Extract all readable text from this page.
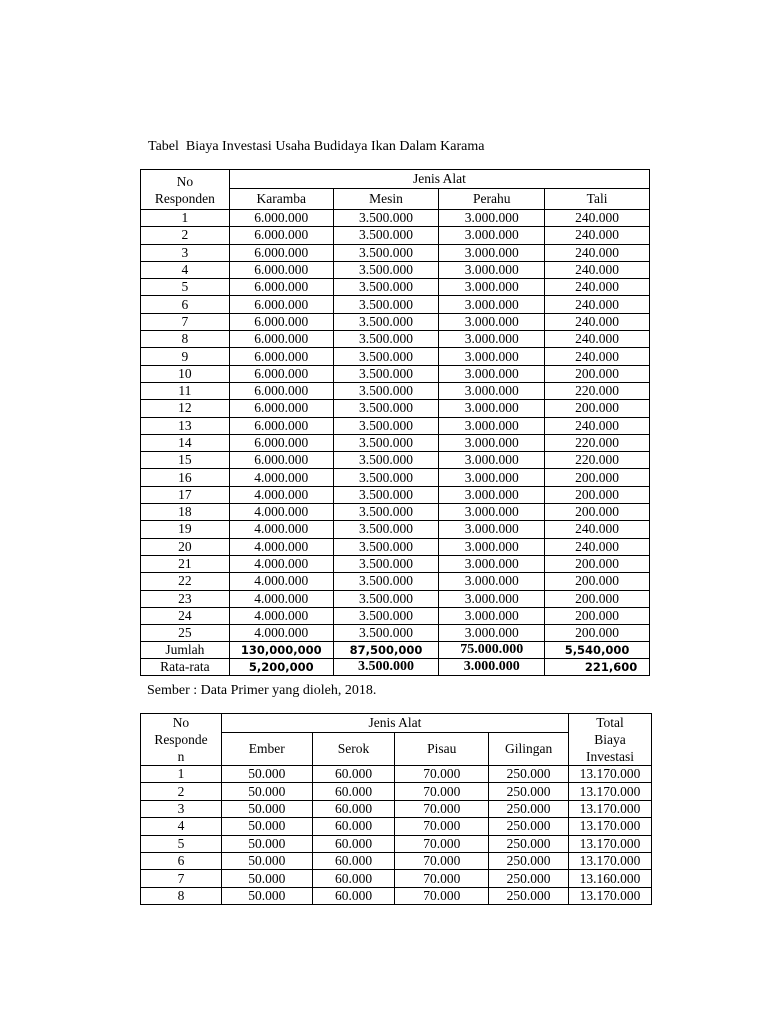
Tabel  Biaya Investasi Usaha Budidaya Ikan Dalam Karama
No
Responden	Jenis Alat			
	Karamba	Mesin	Perahu	Tali
1	6.000.000	3.500.000	3.000.000	240.000
2	6.000.000	3.500.000	3.000.000	240.000
3	6.000.000	3.500.000	3.000.000	240.000
4	6.000.000	3.500.000	3.000.000	240.000
5	6.000.000	3.500.000	3.000.000	240.000
6	6.000.000	3.500.000	3.000.000	240.000
7	6.000.000	3.500.000	3.000.000	240.000
8	6.000.000	3.500.000	3.000.000	240.000
9	6.000.000	3.500.000	3.000.000	240.000
10	6.000.000	3.500.000	3.000.000	200.000
11	6.000.000	3.500.000	3.000.000	220.000
12	6.000.000	3.500.000	3.000.000	200.000
13	6.000.000	3.500.000	3.000.000	240.000
14	6.000.000	3.500.000	3.000.000	220.000
15	6.000.000	3.500.000	3.000.000	220.000
16	4.000.000	3.500.000	3.000.000	200.000
17	4.000.000	3.500.000	3.000.000	200.000
18	4.000.000	3.500.000	3.000.000	200.000
19	4.000.000	3.500.000	3.000.000	240.000
20	4.000.000	3.500.000	3.000.000	240.000
21	4.000.000	3.500.000	3.000.000	200.000
22	4.000.000	3.500.000	3.000.000	200.000
23	4.000.000	3.500.000	3.000.000	200.000
24	4.000.000	3.500.000	3.000.000	200.000
25	4.000.000	3.500.000	3.000.000	200.000
Jumlah	130,000,000	87,500,000	75.000.000	5,540,000
Rata-rata	5,200,000	3.500.000	3.000.000	221,600
Sember : Data Primer yang dioleh, 2018.
No
Responde
n	Jenis Alat				Total
Biaya
Investasi
	Ember	Serok	Pisau	Gilingan	
1	50.000	60.000	70.000	250.000	13.170.000
2	50.000	60.000	70.000	250.000	13.170.000
3	50.000	60.000	70.000	250.000	13.170.000
4	50.000	60.000	70.000	250.000	13.170.000
5	50.000	60.000	70.000	250.000	13.170.000
6	50.000	60.000	70.000	250.000	13.170.000
7	50.000	60.000	70.000	250.000	13.160.000
8	50.000	60.000	70.000	250.000	13.170.000
